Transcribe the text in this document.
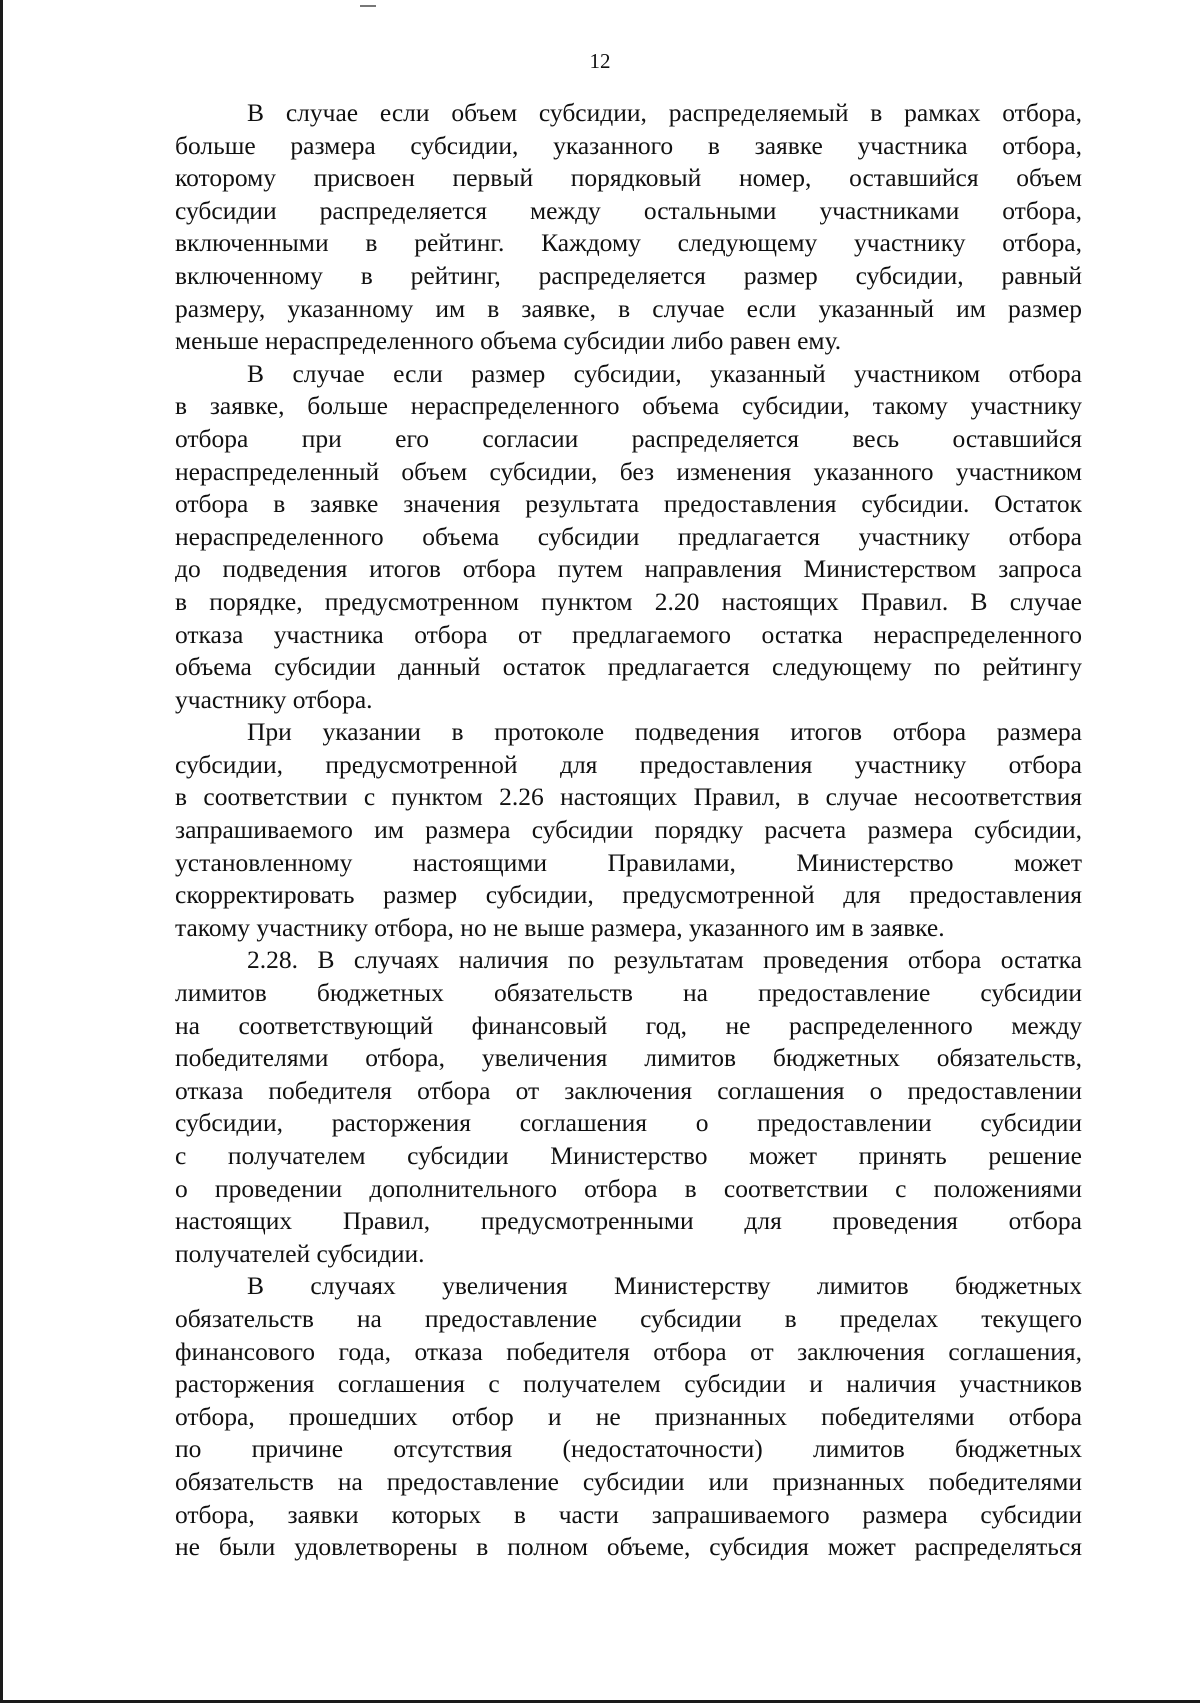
12
В случае если объем субсидии, распределяемый в рамках отбора,
больше размера субсидии, указанного в заявке участника отбора,
которому присвоен первый порядковый номер, оставшийся объем
субсидии распределяется между остальными участниками отбора,
включенными в рейтинг. Каждому следующему участнику отбора,
включенному в рейтинг, распределяется размер субсидии, равный
размеру, указанному им в заявке, в случае если указанный им размер
меньше нераспределенного объема субсидии либо равен ему.
В случае если размер субсидии, указанный участником отбора
в заявке, больше нераспределенного объема субсидии, такому участнику
отбора при его согласии распределяется весь оставшийся
нераспределенный объем субсидии, без изменения указанного участником
отбора в заявке значения результата предоставления субсидии. Остаток
нераспределенного объема субсидии предлагается участнику отбора
до подведения итогов отбора путем направления Министерством запроса
в порядке, предусмотренном пунктом 2.20 настоящих Правил. В случае
отказа участника отбора от предлагаемого остатка нераспределенного
объема субсидии данный остаток предлагается следующему по рейтингу
участнику отбора.
При указании в протоколе подведения итогов отбора размера
субсидии, предусмотренной для предоставления участнику отбора
в соответствии с пунктом 2.26 настоящих Правил, в случае несоответствия
запрашиваемого им размера субсидии порядку расчета размера субсидии,
установленному настоящими Правилами, Министерство может
скорректировать размер субсидии, предусмотренной для предоставления
такому участнику отбора, но не выше размера, указанного им в заявке.
2.28. В случаях наличия по результатам проведения отбора остатка
лимитов бюджетных обязательств на предоставление субсидии
на соответствующий финансовый год, не распределенного между
победителями отбора, увеличения лимитов бюджетных обязательств,
отказа победителя отбора от заключения соглашения о предоставлении
субсидии, расторжения соглашения о предоставлении субсидии
с получателем субсидии Министерство может принять решение
о проведении дополнительного отбора в соответствии с положениями
настоящих Правил, предусмотренными для проведения отбора
получателей субсидии.
В случаях увеличения Министерству лимитов бюджетных
обязательств на предоставление субсидии в пределах текущего
финансового года, отказа победителя отбора от заключения соглашения,
расторжения соглашения с получателем субсидии и наличия участников
отбора, прошедших отбор и не признанных победителями отбора
по причине отсутствия (недостаточности) лимитов бюджетных
обязательств на предоставление субсидии или признанных победителями
отбора, заявки которых в части запрашиваемого размера субсидии
не были удовлетворены в полном объеме, субсидия может распределяться
